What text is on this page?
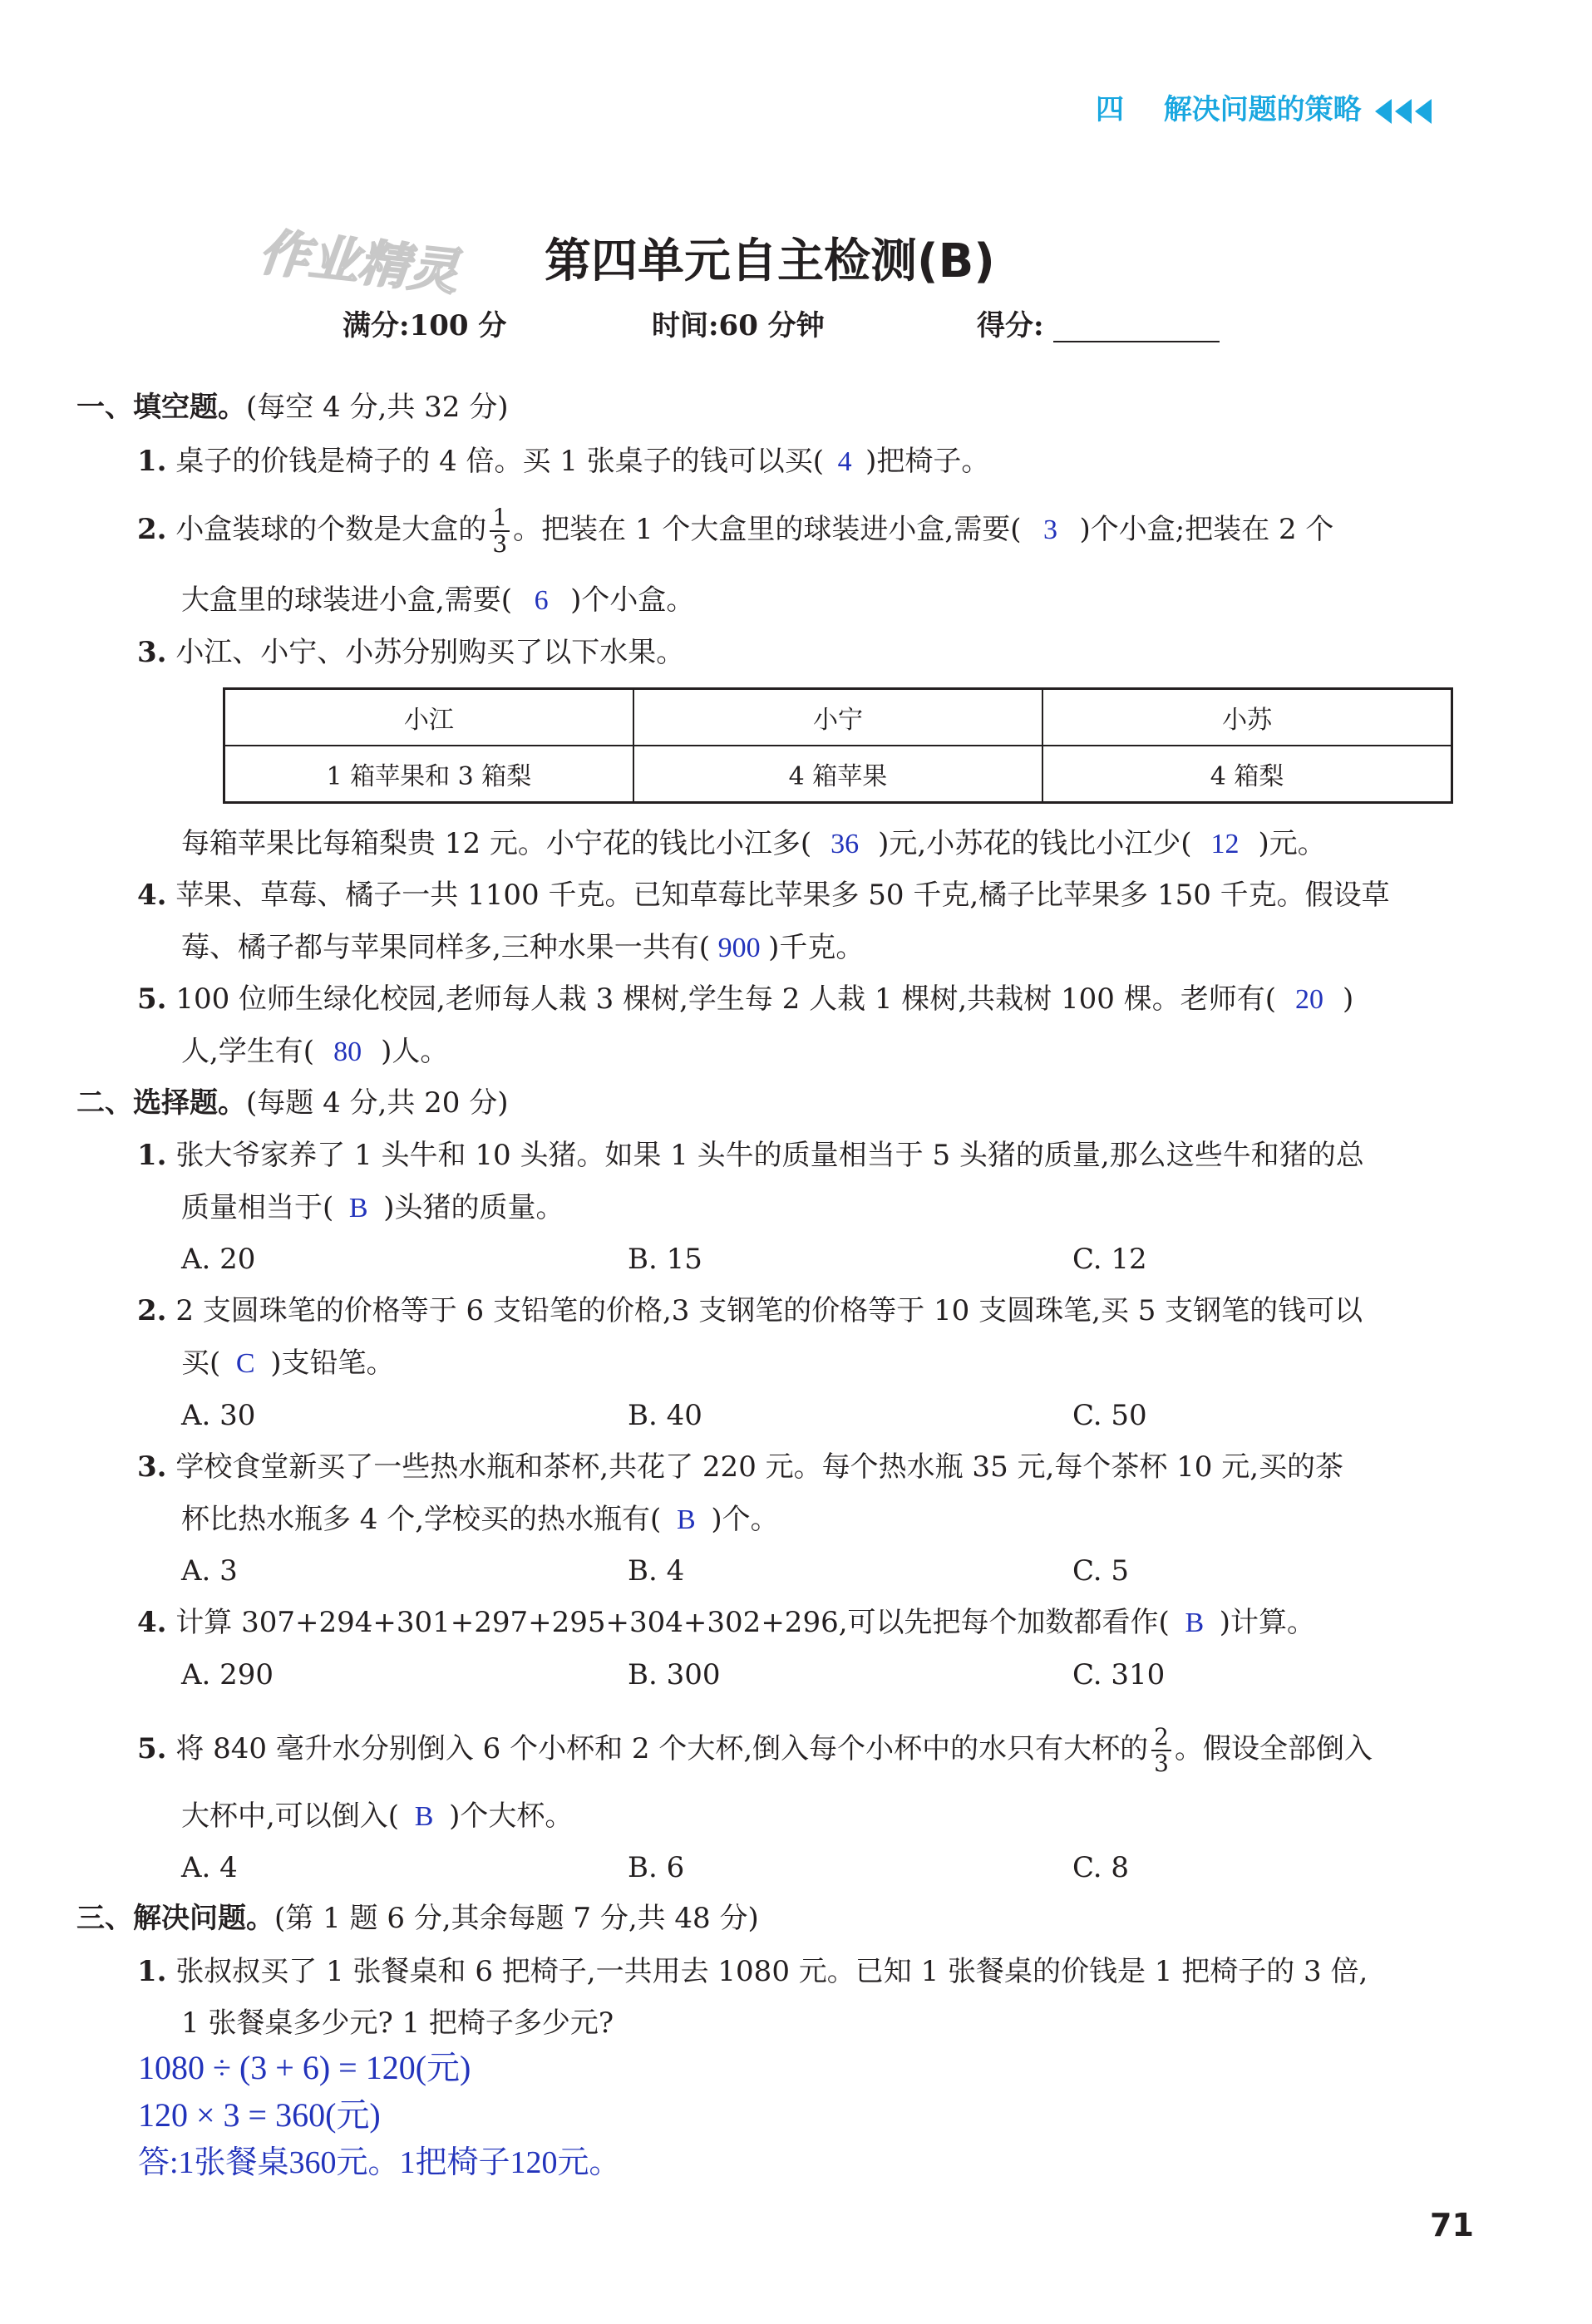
四 解决问题的策略
作业精灵 第四单元自主检测(B)
满分:100 分	时间:60 分钟	得分:
一、填空题。(每空 4 分,共 32 分)
1. 桌子的价钱是椅子的 4 倍。买 1 张桌子的钱可以买( 4 )把椅子。
2. 小盒装球的个数是大盒的 $\frac{1}{3}$ 。把装在 1 个大盒里的球装进小盒,需要( 3 )个小盒;把装在 2 个
大盒里的球装进小盒,需要( 6 )个小盒。
3. 小江、小宁、小苏分别购买了以下水果。
小江	小宁	小苏
1 箱苹果和 3 箱梨	4 箱苹果	4 箱梨
每箱苹果比每箱梨贵 12 元。小宁花的钱比小江多( 36 )元,小苏花的钱比小江少( 12 )元。
4. 苹果、草莓、橘子一共 1100 千克。已知草莓比苹果多 50 千克,橘子比苹果多 150 千克。假设草
莓、橘子都与苹果同样多,三种水果一共有( 900 )千克。
5. 100 位师生绿化校园,老师每人栽 3 棵树,学生每 2 人栽 1 棵树,共栽树 100 棵。老师有( 20 )
人,学生有( 80 )人。
二、选择题。(每题 4 分,共 20 分)
1. 张大爷家养了 1 头牛和 10 头猪。如果 1 头牛的质量相当于 5 头猪的质量,那么这些牛和猪的总
质量相当于( B )头猪的质量。
A. 20	B. 15	C. 12
2. 2 支圆珠笔的价格等于 6 支铅笔的价格,3 支钢笔的价格等于 10 支圆珠笔,买 5 支钢笔的钱可以
买( C )支铅笔。
A. 30	B. 40	C. 50
3. 学校食堂新买了一些热水瓶和茶杯,共花了 220 元。每个热水瓶 35 元,每个茶杯 10 元,买的茶
杯比热水瓶多 4 个,学校买的热水瓶有( B )个。
A. 3	B. 4	C. 5
4. 计算 307+294+301+297+295+304+302+296,可以先把每个加数都看作( B )计算。
A. 290	B. 300	C. 310
5. 将 840 毫升水分别倒入 6 个小杯和 2 个大杯,倒入每个小杯中的水只有大杯的 $\frac{2}{3}$ 。假设全部倒入
大杯中,可以倒入( B )个大杯。
A. 4	B. 6	C. 8
三、解决问题。(第 1 题 6 分,其余每题 7 分,共 48 分)
1. 张叔叔买了 1 张餐桌和 6 把椅子,一共用去 1080 元。已知 1 张餐桌的价钱是 1 把椅子的 3 倍,
1 张餐桌多少元? 1 把椅子多少元?
1080 ÷ (3 + 6) = 120(元)
120 × 3 = 360(元)
答:1张餐桌360元。1把椅子120元。
71
